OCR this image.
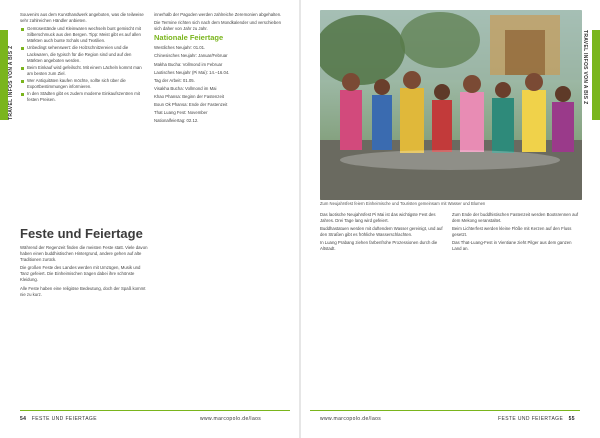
TRAVEL INFOS VON A BIS Z

Souvenirs aus dem Kunsthandwerk angeboten, was die teilweise sehr zahlreichen Händler anbieten.

Gemüsestände und Kleinwaren wechseln bunt gemischt mit Silberschmuck aus den Bergen. Tipp: Meist gibt es auf allen Märkten auch bunte Schals und Textilien.
Unbedingt sehenswert: die Holzschnitzereien und die Lackwaren, die typisch für die Region sind und auf den Märkten angeboten werden.
Beim Einkauf wird gefeilscht. Mit einem Lächeln kommt man am besten zum Ziel.
Wer Antiquitäten kaufen möchte, sollte sich über die Exportbestimmungen informieren.
In den Städten gibt es zudem moderne Einkaufszentren mit festen Preisen.
Feste und Feiertage

Während der Regenzeit finden die meisten Feste statt. Viele davon haben einen buddhistischen Hintergrund, andere gehen auf alte Traditionen zurück.

Die großen Feste des Landes werden mit Umzügen, Musik und Tanz gefeiert. Die Einheimischen tragen dabei ihre schönste Kleidung.

Alle Feste haben eine religiöse Bedeutung, doch der Spaß kommt nie zu kurz.

innerhalb der Pagoden werden zahlreiche Zeremonien abgehalten.

Die Termine richten sich nach dem Mondkalender und verschieben sich daher von Jahr zu Jahr.

Nationale Feiertage

Westliches Neujahr: 01.01.

Chinesisches Neujahr: Januar/Februar

Makha Bucha: Vollmond im Februar

Laotisches Neujahr (Pi Mai): 14.–16.04.

Tag der Arbeit: 01.05.

Visakha Bucha: Vollmond im Mai

Khao Phansa: Beginn der Fastenzeit

Boun Ok Phansa: Ende der Fastenzeit

That Luang Fest: November

Nationalfeiertag: 02.12.

54 FESTE UND FEIERTAGE	www.marcopolo.de/laos
Zum Neujahrsfest feiern Einheimische und Touristen gemeinsam mit Wasser und Blumen

Das laotische Neujahrsfest Pi Mai ist das wichtigste Fest des Jahres. Drei Tage lang wird gefeiert.

Buddhastatuen werden mit duftendem Wasser gereinigt, und auf den Straßen gibt es fröhliche Wasserschlachten.

In Luang Prabang ziehen farbenfrohe Prozessionen durch die Altstadt.

Zum Ende der buddhistischen Fastenzeit werden Bootsrennen auf dem Mekong veranstaltet.

Beim Lichterfest werden kleine Flöße mit Kerzen auf den Fluss gesetzt.

Das That-Luang-Fest in Vientiane zieht Pilger aus dem ganzen Land an.

TRAVEL INFOS VON A BIS Z
www.marcopolo.de/laos	FESTE UND FEIERTAGE 55
